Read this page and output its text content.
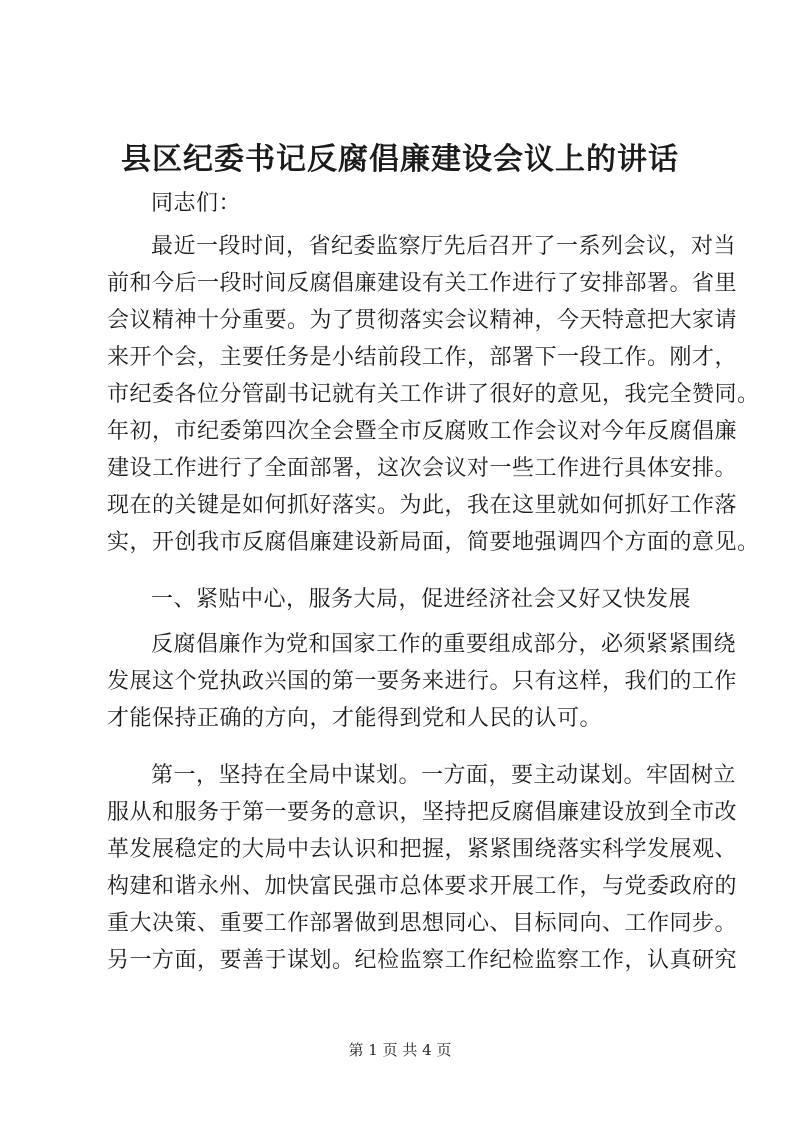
县区纪委书记反腐倡廉建设会议上的讲话

同志们：

最近一段时间，省纪委监察厅先后召开了一系列会议，对当

前和今后一段时间反腐倡廉建设有关工作进行了安排部署。省里

会议精神十分重要。为了贯彻落实会议精神，今天特意把大家请

来开个会，主要任务是小结前段工作，部署下一段工作。刚才，

市纪委各位分管副书记就有关工作讲了很好的意见，我完全赞同。

年初，市纪委第四次全会暨全市反腐败工作会议对今年反腐倡廉

建设工作进行了全面部署，这次会议对一些工作进行具体安排。

现在的关键是如何抓好落实。为此，我在这里就如何抓好工作落

实，开创我市反腐倡廉建设新局面，简要地强调四个方面的意见。

一、紧贴中心，服务大局，促进经济社会又好又快发展

反腐倡廉作为党和国家工作的重要组成部分，必须紧紧围绕

发展这个党执政兴国的第一要务来进行。只有这样，我们的工作

才能保持正确的方向，才能得到党和人民的认可。

第一，坚持在全局中谋划。一方面，要主动谋划。牢固树立

服从和服务于第一要务的意识，坚持把反腐倡廉建设放到全市改

革发展稳定的大局中去认识和把握，紧紧围绕落实科学发展观、

构建和谐永州、加快富民强市总体要求开展工作，与党委政府的

重大决策、重要工作部署做到思想同心、目标同向、工作同步。

另一方面，要善于谋划。纪检监察工作纪检监察工作，认真研究

第 1 页 共 4 页
